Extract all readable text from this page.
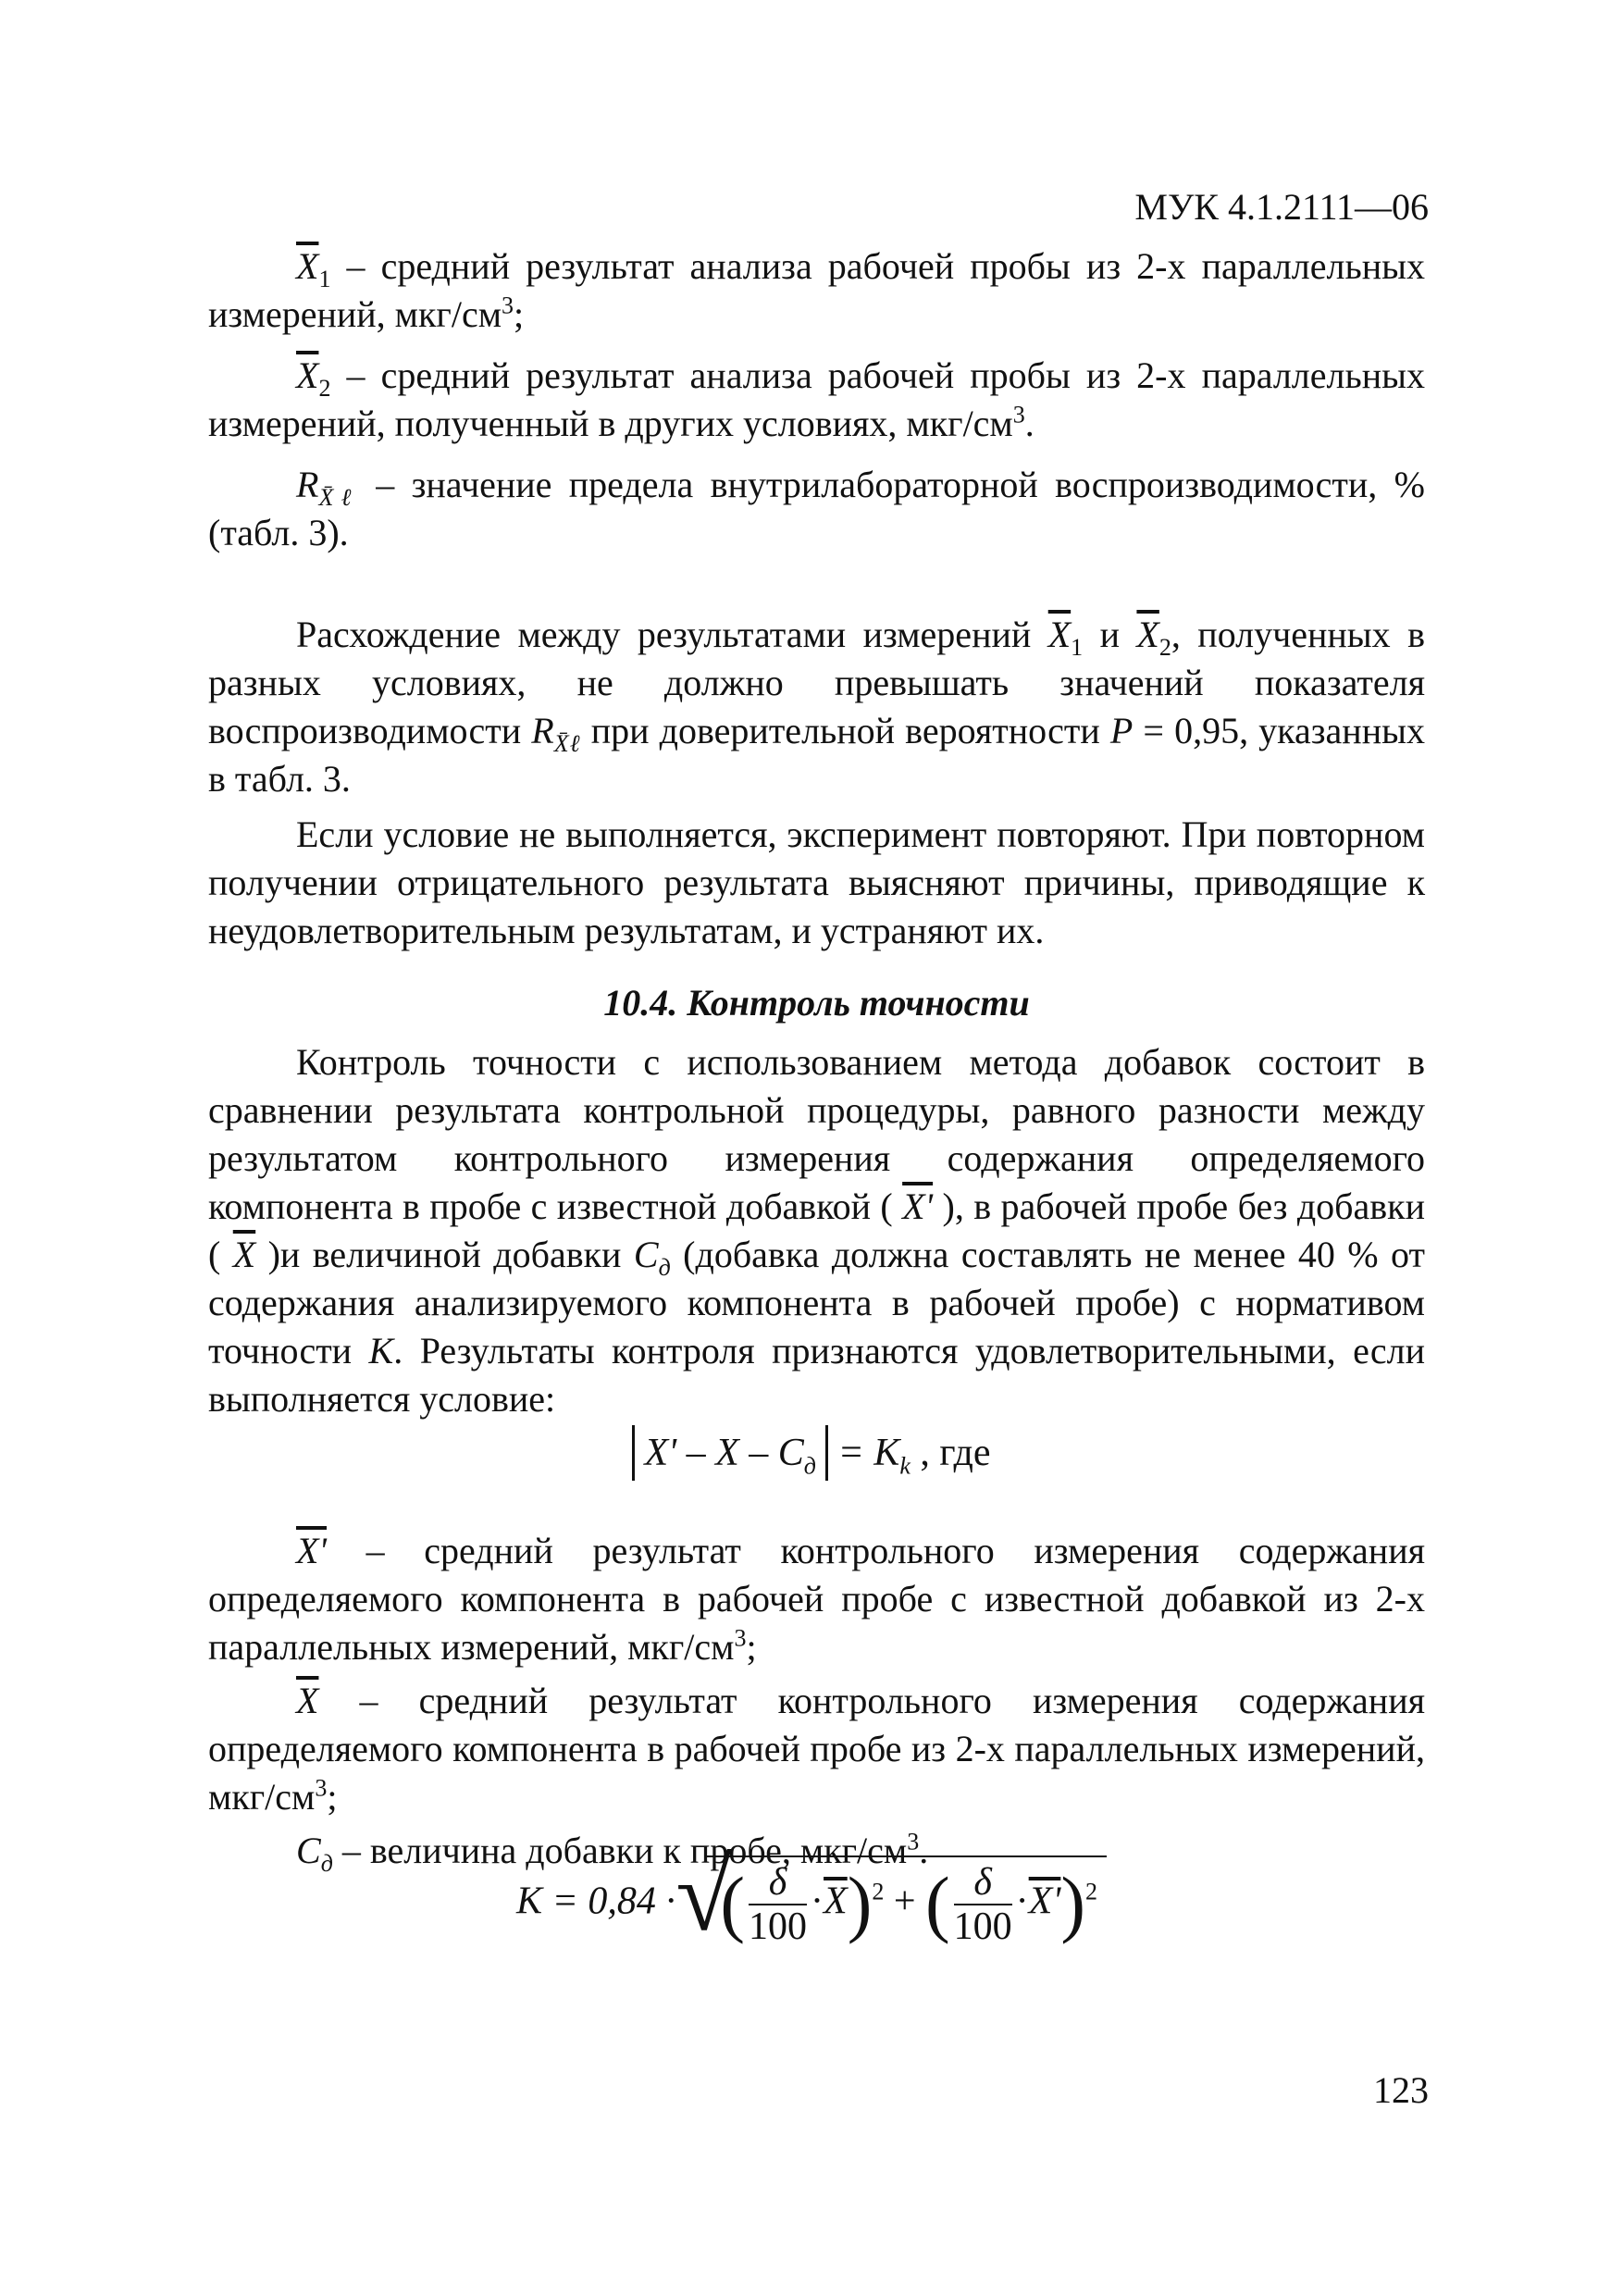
МУК 4.1.2111—06

$\overline{X}_1$ – средний результат анализа рабочей пробы из 2-х параллельных измерений, мкг/$см^3$;

$\overline{X}_2$ – средний результат анализа рабочей пробы из 2-х параллельных измерений, полученный в других условиях, мкг/$см^3$.

$R_{X̄\ell}$ – значение предела внутрилабораторной воспроизводимости, % (табл. 3).

Расхождение между результатами измерений $\overline{X}_1$ и $\overline{X}_2$, полученных в разных условиях, не должно превышать значений показателя воспроизводимости $R_{X̄\ell}$ при доверительной вероятности P = 0,95, указанных в табл. 3.

Если условие не выполняется, эксперимент повторяют. При повторном получении отрицательного результата выясняют причины, приводящие к неудовлетворительным результатам, и устраняют их.

10.4. Контроль точности

Контроль точности с использованием метода добавок состоит в сравнении результата контрольной процедуры, равного разности между результатом контрольного измерения содержания определяемого компонента в пробе с известной добавкой ( X' ), в рабочей пробе без добавки ( $\overline{X}$ )и величиной добавки $C_д$ (добавка должна составлять не менее 40 % от содержания анализируемого компонента в рабочей пробе) с нормативом точности K. Результаты контроля признаются удовлетворительными, если выполняется условие:

$X' - X - C_д = K_k$ , где

X' – средний результат контрольного измерения содержания определяемого компонента в рабочей пробе с известной добавкой из 2-х параллельных измерений, мкг/$см^3$;

$\overline{X}$ – средний результат контрольного измерения содержания определяемого компонента в рабочей пробе из 2-х параллельных измерений, мкг/$см^3$;

$C_д$ – величина добавки к пробе, мкг/$см^3$.

K = 0,84 · √ ( $\frac{\delta}{100} \cdot\overline{X})^2$ + ( $\frac{\delta}{100} \cdot X')^2$
123
